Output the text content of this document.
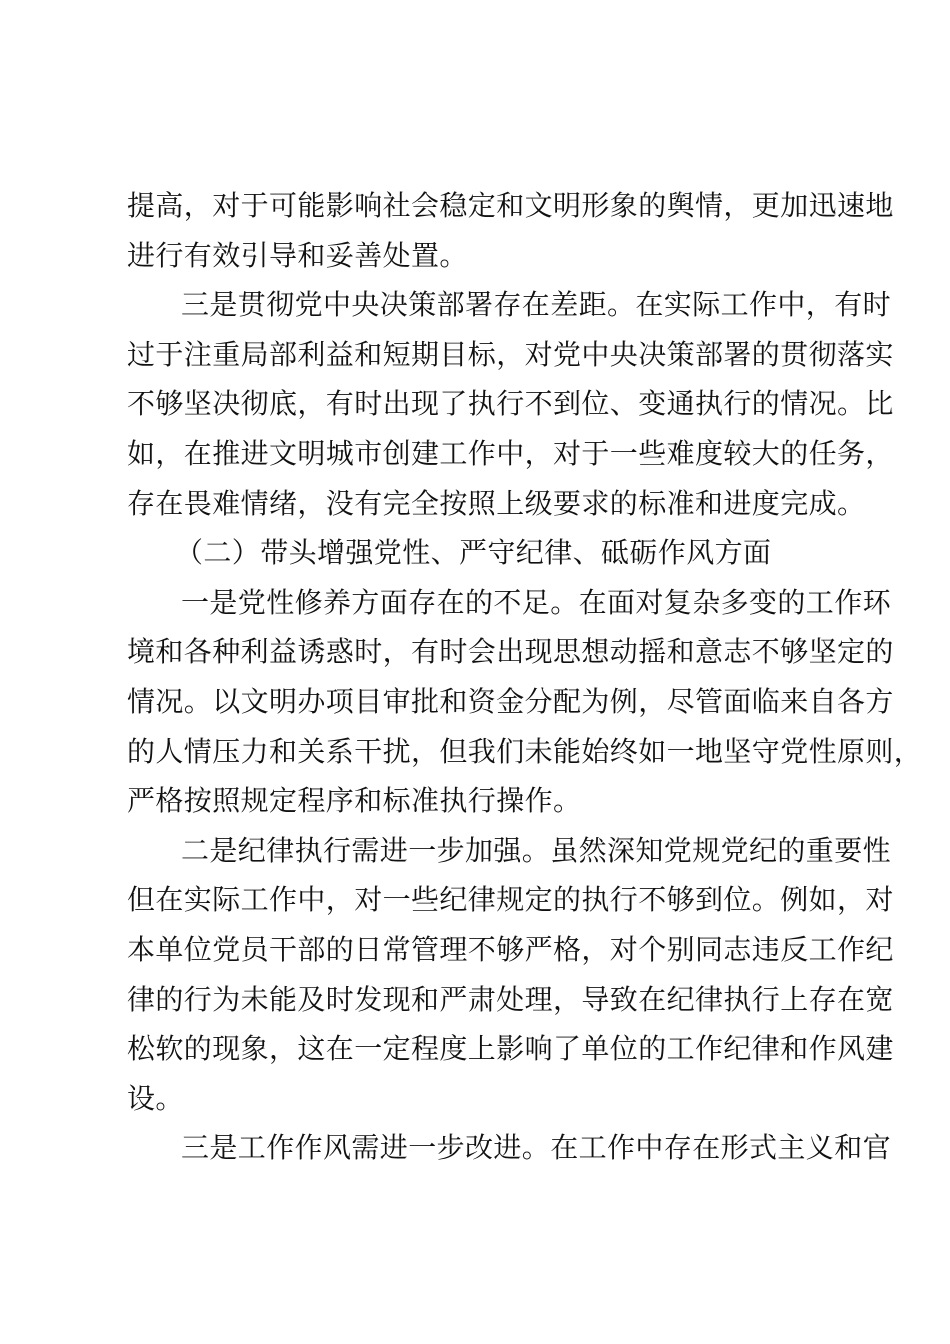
提高，对于可能影响社会稳定和文明形象的舆情，更加迅速地
进行有效引导和妥善处置。
三是贯彻党中央决策部署存在差距。在实际工作中，有时
过于注重局部利益和短期目标，对党中央决策部署的贯彻落实
不够坚决彻底，有时出现了执行不到位、变通执行的情况。比
如，在推进文明城市创建工作中，对于一些难度较大的任务，
存在畏难情绪，没有完全按照上级要求的标准和进度完成。
（二）带头增强党性、严守纪律、砥砺作风方面
一是党性修养方面存在的不足。在面对复杂多变的工作环
境和各种利益诱惑时，有时会出现思想动摇和意志不够坚定的
情况。以文明办项目审批和资金分配为例，尽管面临来自各方
的人情压力和关系干扰，但我们未能始终如一地坚守党性原则，
严格按照规定程序和标准执行操作。
二是纪律执行需进一步加强。虽然深知党规党纪的重要性
但在实际工作中，对一些纪律规定的执行不够到位。例如，对
本单位党员干部的日常管理不够严格，对个别同志违反工作纪
律的行为未能及时发现和严肃处理，导致在纪律执行上存在宽
松软的现象，这在一定程度上影响了单位的工作纪律和作风建
设。
三是工作作风需进一步改进。在工作中存在形式主义和官
